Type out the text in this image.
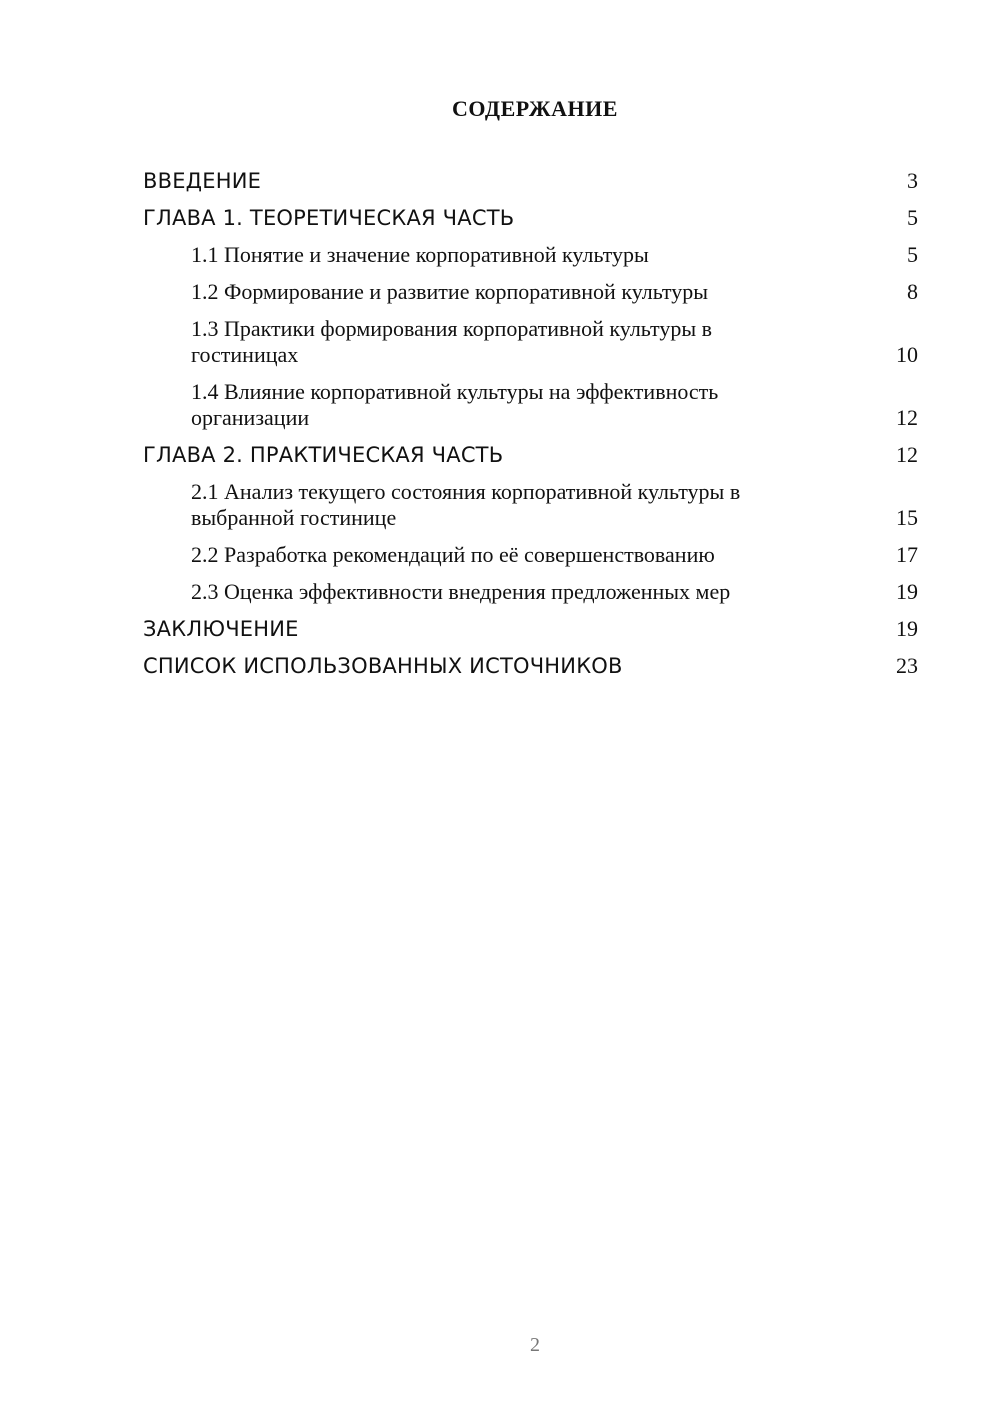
СОДЕРЖАНИЕ
ВВЕДЕНИЕ	3
ГЛАВА 1. ТЕОРЕТИЧЕСКАЯ ЧАСТЬ	5
1.1 Понятие и значение корпоративной культуры	5
1.2 Формирование и развитие корпоративной культуры	8
1.3 Практики формирования корпоративной культуры в гостиницах	10
1.4 Влияние корпоративной культуры на эффективность организации	12
ГЛАВА 2. ПРАКТИЧЕСКАЯ ЧАСТЬ	12
2.1 Анализ текущего состояния корпоративной культуры в выбранной гостинице	15
2.2 Разработка рекомендаций по её совершенствованию	17
2.3 Оценка эффективности внедрения предложенных мер	19
ЗАКЛЮЧЕНИЕ	19
СПИСОК ИСПОЛЬЗОВАННЫХ ИСТОЧНИКОВ	23
2
